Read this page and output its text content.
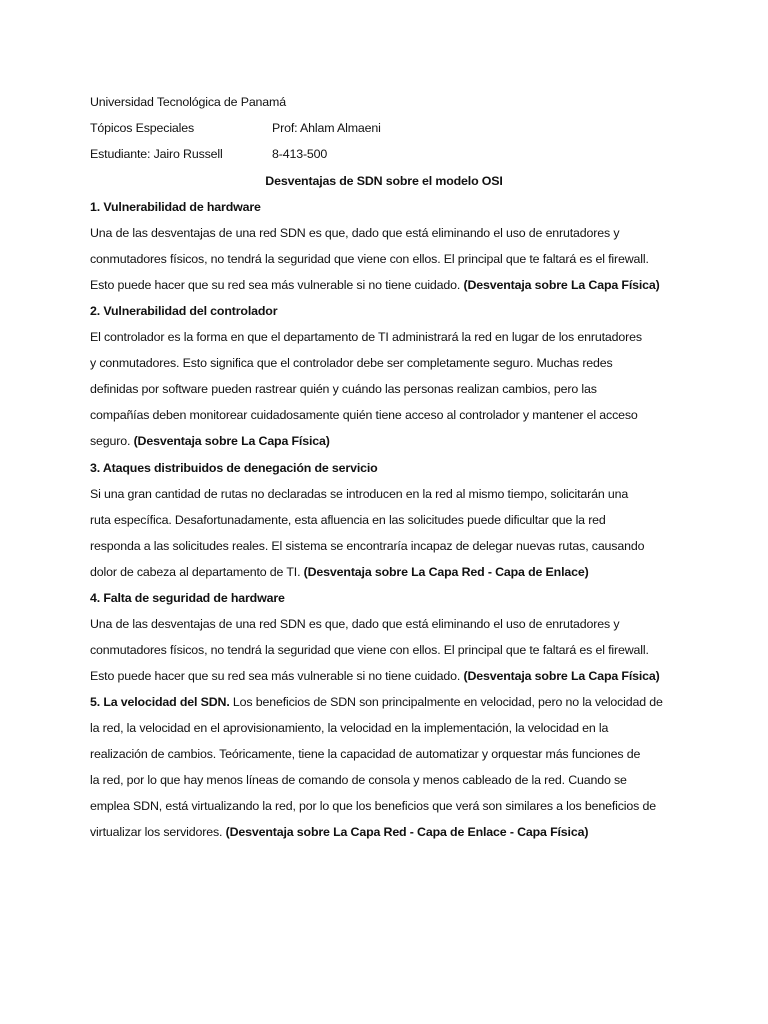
Universidad Tecnológica de Panamá
Tópicos Especiales	Prof: Ahlam Almaeni
Estudiante: Jairo Russell	8-413-500
Desventajas de SDN sobre el modelo OSI
1. Vulnerabilidad de hardware
Una de las desventajas de una red SDN es que, dado que está eliminando el uso de enrutadores y
conmutadores físicos, no tendrá la seguridad que viene con ellos. El principal que te faltará es el firewall.
Esto puede hacer que su red sea más vulnerable si no tiene cuidado. (Desventaja sobre La Capa Física)
2. Vulnerabilidad del controlador
El controlador es la forma en que el departamento de TI administrará la red en lugar de los enrutadores
y conmutadores. Esto significa que el controlador debe ser completamente seguro. Muchas redes
definidas por software pueden rastrear quién y cuándo las personas realizan cambios, pero las
compañías deben monitorear cuidadosamente quién tiene acceso al controlador y mantener el acceso
seguro. (Desventaja sobre La Capa Física)
3. Ataques distribuidos de denegación de servicio
Si una gran cantidad de rutas no declaradas se introducen en la red al mismo tiempo, solicitarán una
ruta específica. Desafortunadamente, esta afluencia en las solicitudes puede dificultar que la red
responda a las solicitudes reales. El sistema se encontraría incapaz de delegar nuevas rutas, causando
dolor de cabeza al departamento de TI. (Desventaja sobre La Capa Red - Capa de Enlace)
4. Falta de seguridad de hardware
Una de las desventajas de una red SDN es que, dado que está eliminando el uso de enrutadores y
conmutadores físicos, no tendrá la seguridad que viene con ellos. El principal que te faltará es el firewall.
Esto puede hacer que su red sea más vulnerable si no tiene cuidado. (Desventaja sobre La Capa Física)
5. La velocidad del SDN. Los beneficios de SDN son principalmente en velocidad, pero no la velocidad de
la red, la velocidad en el aprovisionamiento, la velocidad en la implementación, la velocidad en la
realización de cambios. Teóricamente, tiene la capacidad de automatizar y orquestar más funciones de
la red, por lo que hay menos líneas de comando de consola y menos cableado de la red. Cuando se
emplea SDN, está virtualizando la red, por lo que los beneficios que verá son similares a los beneficios de
virtualizar los servidores. (Desventaja sobre La Capa Red - Capa de Enlace - Capa Física)
